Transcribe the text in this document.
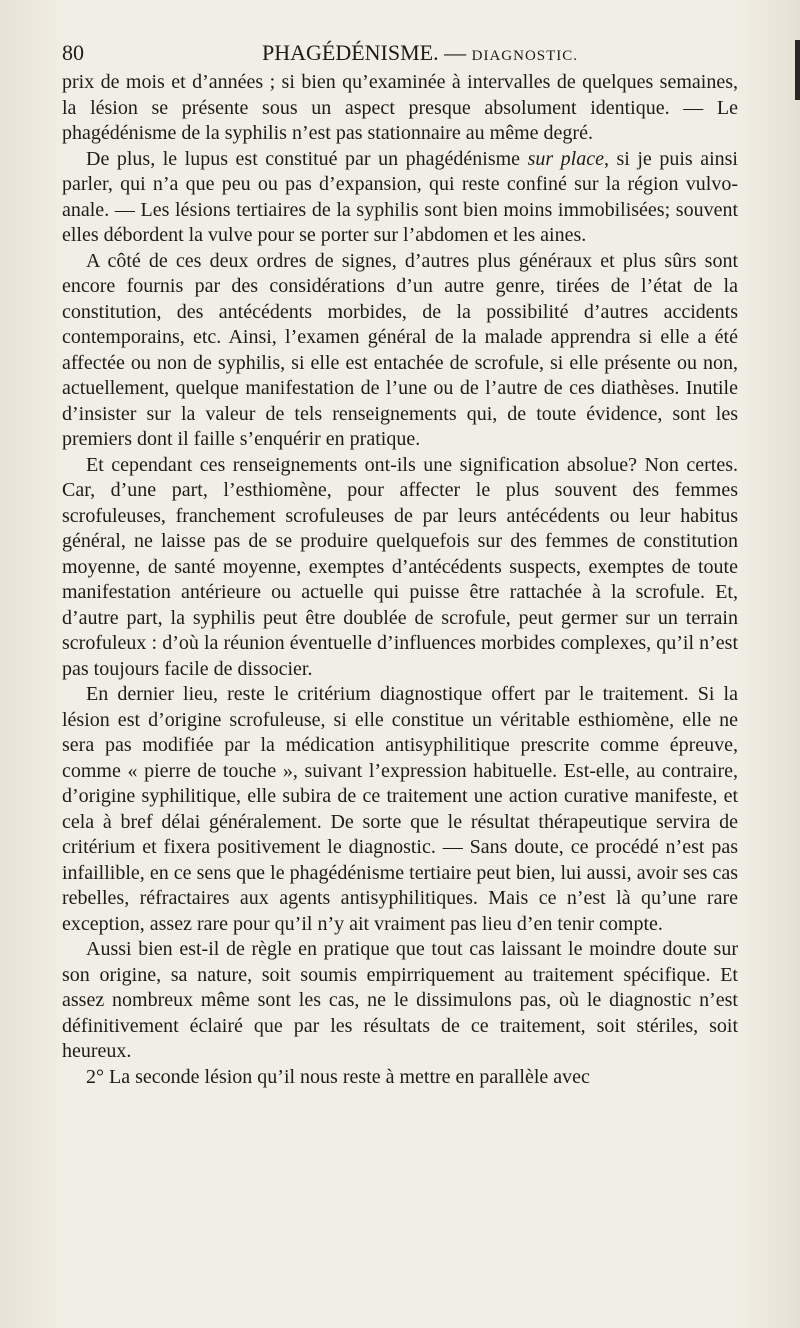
80	PHAGÉDÉNISME. — DIAGNOSTIC.

prix de mois et d’années ; si bien qu’examinée à intervalles de quelques semaines, la lésion se présente sous un aspect presque absolument identique. — Le phagédénisme de la syphilis n’est pas stationnaire au même degré.

De plus, le lupus est constitué par un phagédénisme sur place, si je puis ainsi parler, qui n’a que peu ou pas d’expansion, qui reste confiné sur la région vulvo-anale. — Les lésions tertiaires de la syphilis sont bien moins immobilisées; souvent elles débordent la vulve pour se porter sur l’abdomen et les aines.

A côté de ces deux ordres de signes, d’autres plus généraux et plus sûrs sont encore fournis par des considérations d’un autre genre, tirées de l’état de la constitution, des antécédents morbides, de la possibilité d’autres accidents contemporains, etc. Ainsi, l’examen général de la malade apprendra si elle a été affectée ou non de syphilis, si elle est entachée de scrofule, si elle présente ou non, actuellement, quelque manifestation de l’une ou de l’autre de ces diathèses. Inutile d’insister sur la valeur de tels renseignements qui, de toute évidence, sont les premiers dont il faille s’enquérir en pratique.

Et cependant ces renseignements ont-ils une signification absolue? Non certes. Car, d’une part, l’esthiomène, pour affecter le plus souvent des femmes scrofuleuses, franchement scrofuleuses de par leurs antécédents ou leur habitus général, ne laisse pas de se produire quelquefois sur des femmes de constitution moyenne, de santé moyenne, exemptes d’antécédents suspects, exemptes de toute manifestation antérieure ou actuelle qui puisse être rattachée à la scrofule. Et, d’autre part, la syphilis peut être doublée de scrofule, peut germer sur un terrain scrofuleux : d’où la réunion éventuelle d’influences morbides complexes, qu’il n’est pas toujours facile de dissocier.

En dernier lieu, reste le critérium diagnostique offert par le traitement. Si la lésion est d’origine scrofuleuse, si elle constitue un véritable esthiomène, elle ne sera pas modifiée par la médication antisyphilitique prescrite comme épreuve, comme « pierre de touche », suivant l’expression habituelle. Est-elle, au contraire, d’origine syphilitique, elle subira de ce traitement une action curative manifeste, et cela à bref délai généralement. De sorte que le résultat thérapeutique servira de critérium et fixera positivement le diagnostic. — Sans doute, ce procédé n’est pas infaillible, en ce sens que le phagédénisme tertiaire peut bien, lui aussi, avoir ses cas rebelles, réfractaires aux agents antisyphilitiques. Mais ce n’est là qu’une rare exception, assez rare pour qu’il n’y ait vraiment pas lieu d’en tenir compte.

Aussi bien est-il de règle en pratique que tout cas laissant le moindre doute sur son origine, sa nature, soit soumis empirriquement au traitement spécifique. Et assez nombreux même sont les cas, ne le dissimulons pas, où le diagnostic n’est définitivement éclairé que par les résultats de ce traitement, soit stériles, soit heureux.

2° La seconde lésion qu’il nous reste à mettre en parallèle avec
